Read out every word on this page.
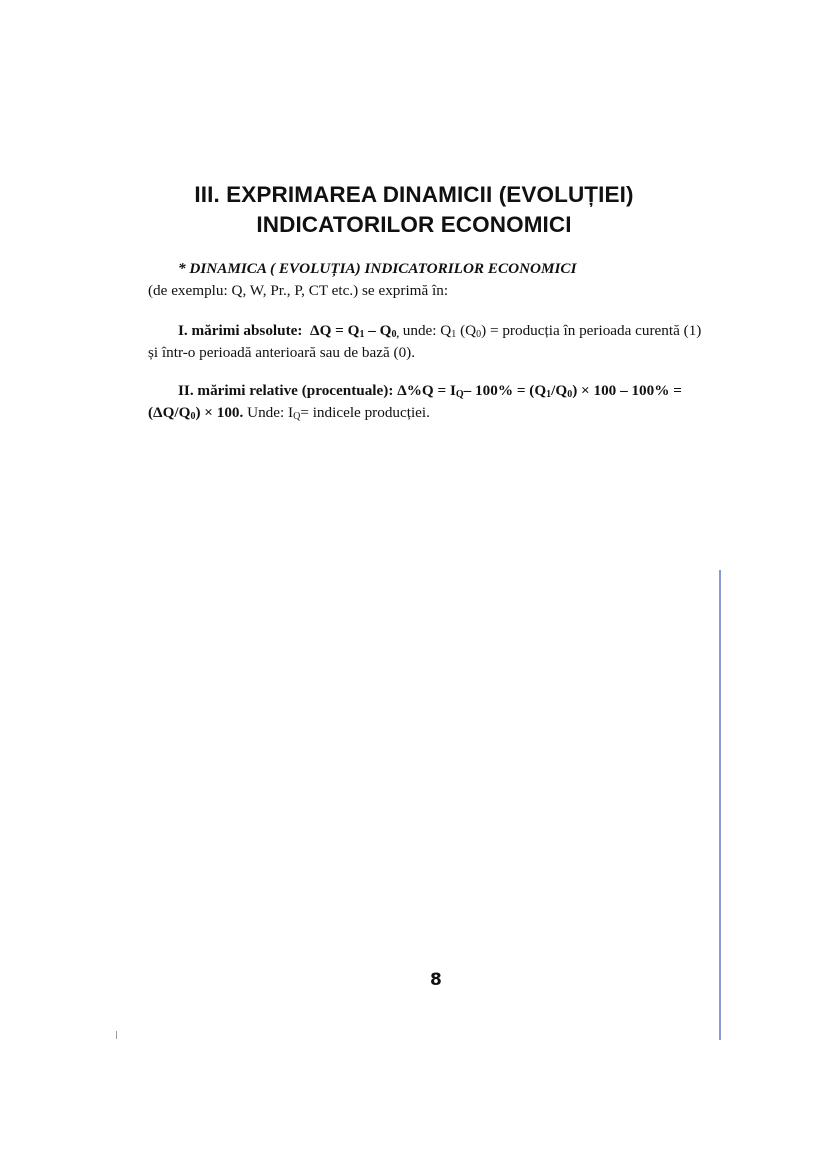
III. EXPRIMAREA DINAMICII (EVOLUȚIEI)
INDICATORILOR ECONOMICI
* DINAMICA ( EVOLUȚIA) INDICATORILOR ECONOMICI
(de exemplu: Q, W, Pr., P, CT etc.) se exprimă în:
I. mărimi absolute: $\Delta Q = Q_1 - Q_{0,}$ unde: $Q_1$ $(Q_0)$ = producția în perioada curentă (1) și într-o perioadă anterioară sau de bază (0).
II. mărimi relative (procentuale): $\Delta\%Q = I_Q-$ $100\% = (Q_1/Q_0) \times 100 - 100\% = (\Delta Q/Q_0) \times 100$. Unde: $I_Q=$ indicele producției.
8
